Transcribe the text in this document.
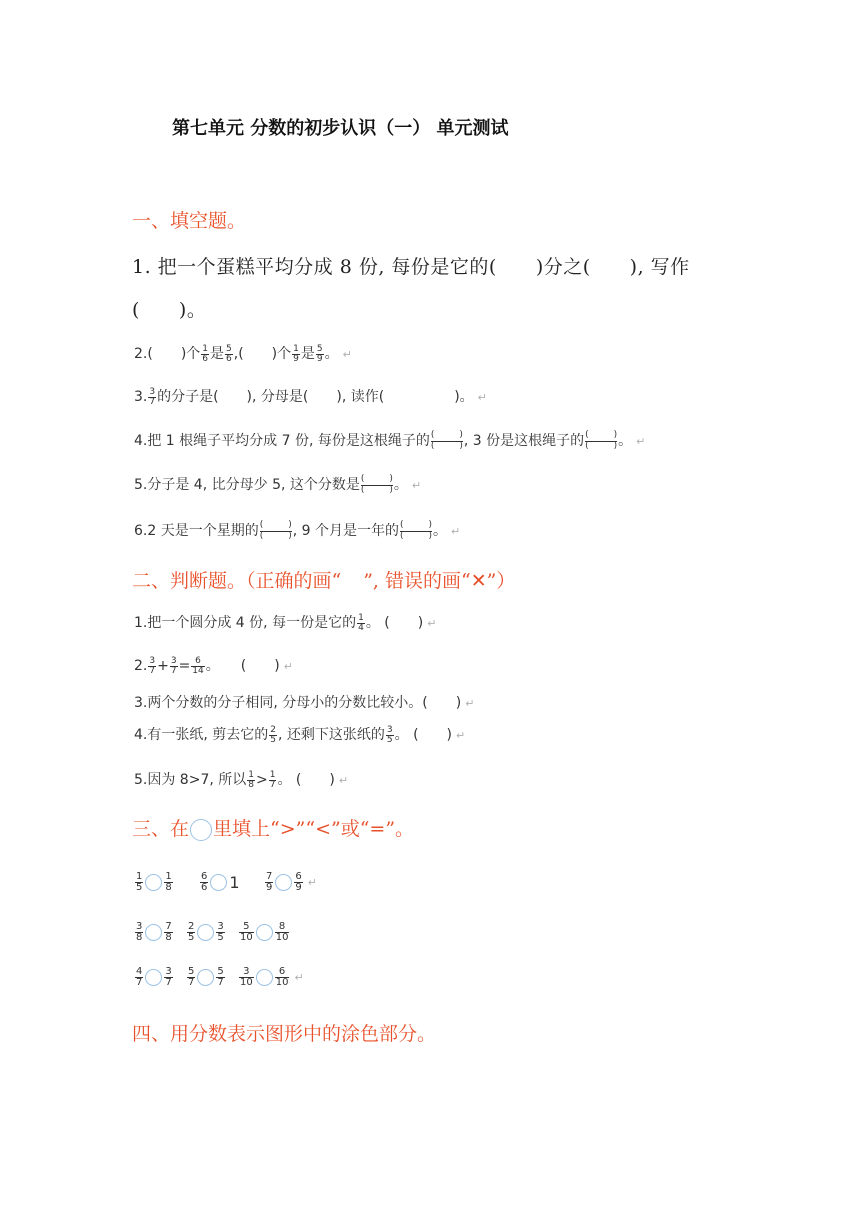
第七单元 分数的初步认识（一） 单元测试
一、填空题。
1. 把一个蛋糕平均分成 8 份, 每份是它的(　　)分之(　　), 写作
(　　)。
2.(　　)个 $\frac{1}{6}$ 是 $\frac{5}{6}$ ,(　　)个 $\frac{1}{9}$ 是 $\frac{5}{9}$ 。 ↵
3. $\frac{3}{7}$ 的分子是(　　), 分母是(　　), 读作(　　　　　)。 ↵
4.把 1 根绳子平均分成 7 份, 每份是这根绳子的 (	)
(	) , 3 份是这根绳子的 (	)
(	) 。 ↵
5.分子是 4, 比分母少 5, 这个分数是 (	)
(	) 。 ↵
6.2 天是一个星期的 (	)
(	) , 9 个月是一年的 (	)
(	) 。 ↵
二、判断题。（正确的画“ ”, 错误的画“✕”）
1.把一个圆分成 4 份, 每一份是它的 $\frac{1}{4}$ 。 (　　) ↵
2. $\frac{3}{7} + \frac{3}{7} = \frac{6}{14}$ 。　　(　　) ↵
3.两个分数的分子相同, 分母小的分数比较小。(　　) ↵
4.有一张纸, 剪去它的 $\frac{2}{5}$ , 还剩下这张纸的 $\frac{3}{5}$ 。 (　　) ↵
5.因为 8>7, 所以 $\frac{1}{8} > \frac{1}{7}$ 。 (　　) ↵
三、在 里填上“>”“<”或“=”。
$\frac{1}{5} \frac{1}{8}$	$\frac{6}{6} 1$	$\frac{7}{9} \frac{6}{9}$ ↵
$\frac{3}{8} \frac{7}{8} \frac{2}{5} \frac{3}{5} \frac{5}{10} \frac{8}{10}$
$\frac{4}{7} \frac{3}{7} \frac{5}{7} \frac{5}{7} \frac{3}{10} \frac{6}{10}$ ↵
四、用分数表示图形中的涂色部分。
